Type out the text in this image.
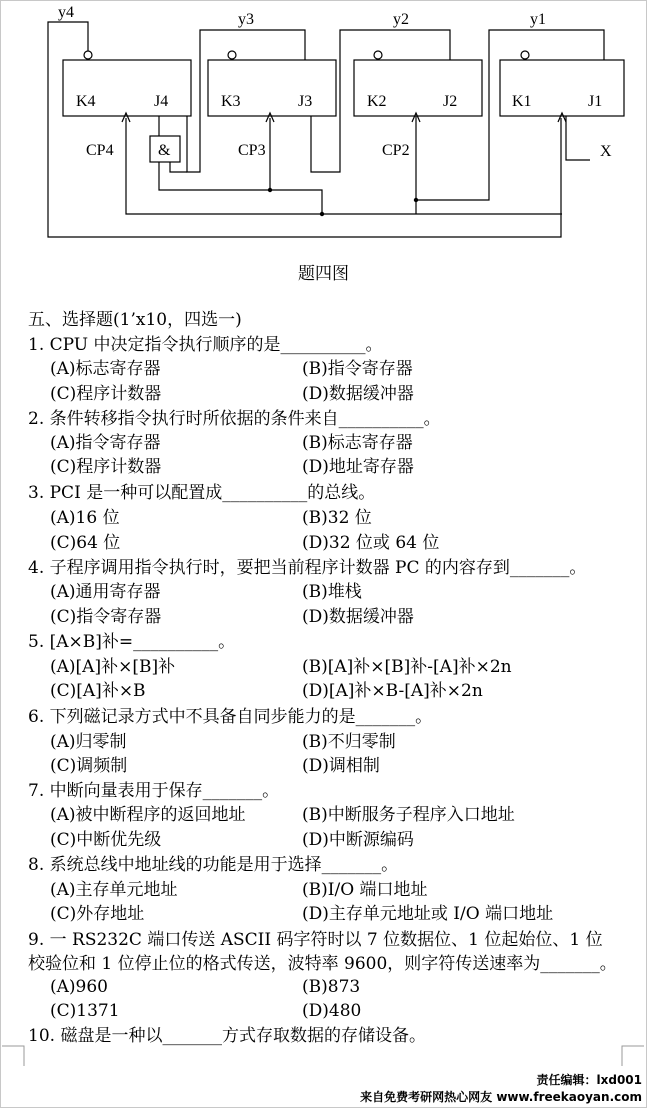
y4	y3	y2	y1
K4	J4	K3	J3	K2	J2	K1	J1
CP4	CP3	CP2
&	X
题四图
五、选择题(1’x10，四选一)
1. CPU 中决定指令执行顺序的是__________。
(A)标志寄存器	(B)指令寄存器
(C)程序计数器	(D)数据缓冲器
2. 条件转移指令执行时所依据的条件来自__________。
(A)指令寄存器	(B)标志寄存器
(C)程序计数器	(D)地址寄存器
3. PCI 是一种可以配置成__________的总线。
(A)16 位	(B)32 位
(C)64 位	(D)32 位或 64 位
4. 子程序调用指令执行时，要把当前程序计数器 PC 的内容存到_______。
(A)通用寄存器	(B)堆栈
(C)指令寄存器	(D)数据缓冲器
5. [A×B]补=__________。
(A)[A]补×[B]补	(B)[A]补×[B]补-[A]补×2n
(C)[A]补×B	(D)[A]补×B-[A]补×2n
6. 下列磁记录方式中不具备自同步能力的是_______。
(A)归零制	(B)不归零制
(C)调频制	(D)调相制
7. 中断向量表用于保存_______。
(A)被中断程序的返回地址	(B)中断服务子程序入口地址
(C)中断优先级	(D)中断源编码
8. 系统总线中地址线的功能是用于选择_______。
(A)主存单元地址	(B)I/O 端口地址
(C)外存地址	(D)主存单元地址或 I/O 端口地址
9. 一 RS232C 端口传送 ASCII 码字符时以 7 位数据位、1 位起始位、1 位
校验位和 1 位停止位的格式传送，波特率 9600，则字符传送速率为_______。
(A)960	(B)873
(C)1371	(D)480
10. 磁盘是一种以_______方式存取数据的存储设备。
责任编辑：lxd001
来自免费考研网热心网友 www.freekaoyan.com
